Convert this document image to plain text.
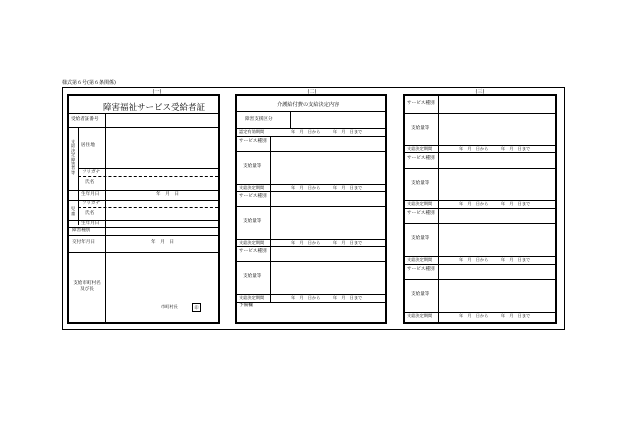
様式第６号(第６条関係)
(一)	(二)	(三)
障害福祉サービス受給者証
受給者証番号
支給決定障害者等
居住地
フリガナ
氏名
生年月日	年　月　日
児童
フリガナ
氏名
生年月日
障害種別
交付年月日	年　月　日
支給市町村名及び長
市町村長	印
介護給付費の支給決定内容
障害支援区分
認定有効期間	年　月　日から　　　年　月　日まで
サービス種別
支給量等
支給決定期間	年　月　日から　　　年　月　日まで
サービス種別
支給量等
支給決定期間	年　月　日から　　　年　月　日まで
サービス種別
支給量等
支給決定期間	年　月　日から　　　年　月　日まで
予備欄
サービス種別
支給量等
支給決定期間	年　月　日から　　　年　月　日まで
サービス種別
支給量等
支給決定期間	年　月　日から　　　年　月　日まで
サービス種別
支給量等
支給決定期間	年　月　日から　　　年　月　日まで
サービス種別
支給量等
支給決定期間	年　月　日から　　　年　月　日まで
